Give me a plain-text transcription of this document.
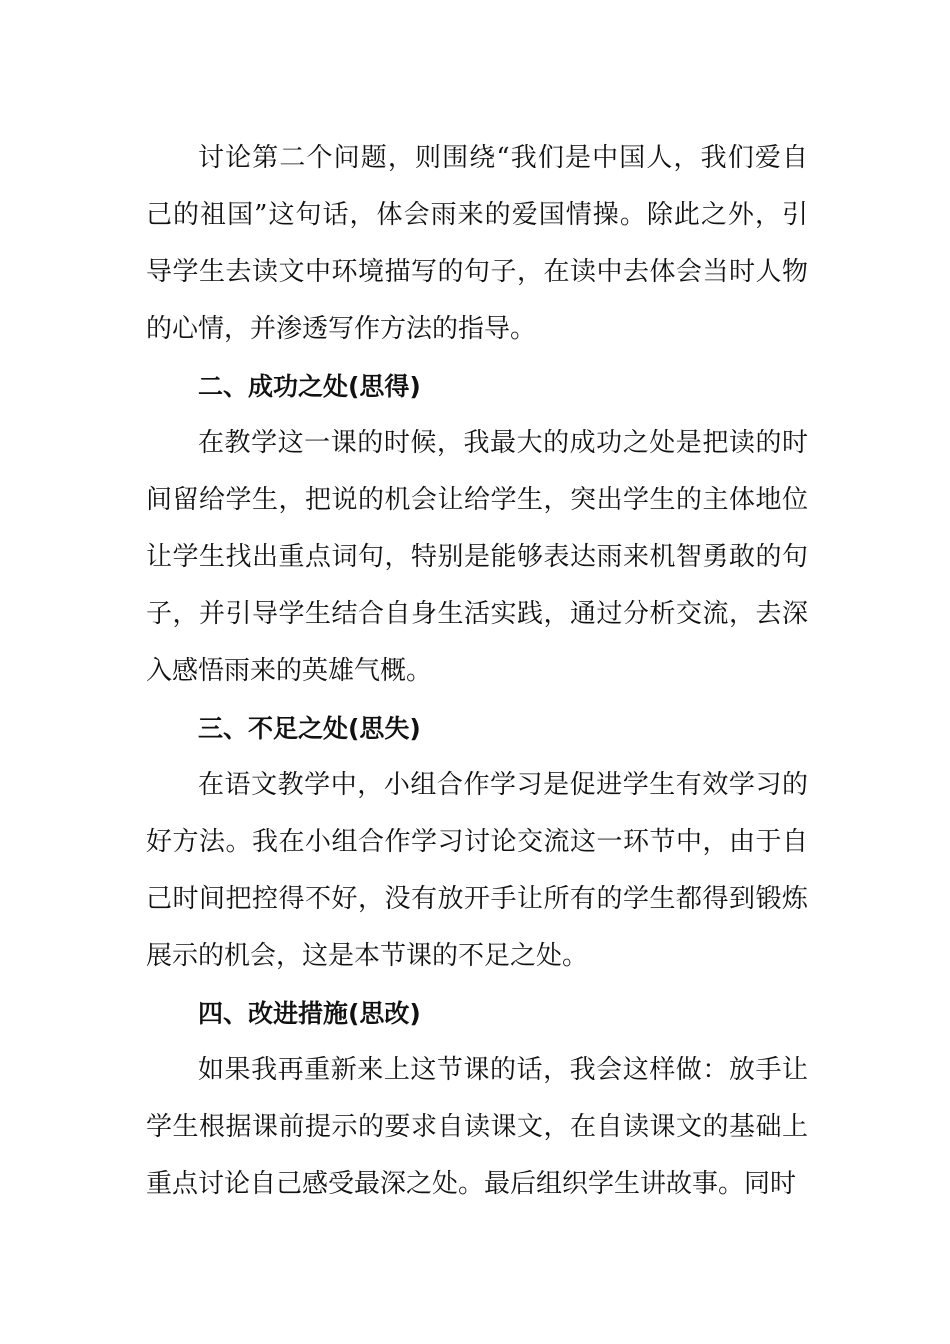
讨论第二个问题，则围绕“我们是中国人，我们爱自己的祖国”这句话，体会雨来的爱国情操。除此之外，引导学生去读文中环境描写的句子，在读中去体会当时人物的心情，并渗透写作方法的指导。

二、成功之处(思得)

在教学这一课的时候，我最大的成功之处是把读的时间留给学生，把说的机会让给学生，突出学生的主体地位让学生找出重点词句，特别是能够表达雨来机智勇敢的句子，并引导学生结合自身生活实践，通过分析交流，去深入感悟雨来的英雄气概。

三、不足之处(思失)

在语文教学中，小组合作学习是促进学生有效学习的好方法。我在小组合作学习讨论交流这一环节中，由于自己时间把控得不好，没有放开手让所有的学生都得到锻炼展示的机会，这是本节课的不足之处。

四、改进措施(思改)

如果我再重新来上这节课的话，我会这样做：放手让学生根据课前提示的要求自读课文，在自读课文的基础上重点讨论自己感受最深之处。最后组织学生讲故事。同时
